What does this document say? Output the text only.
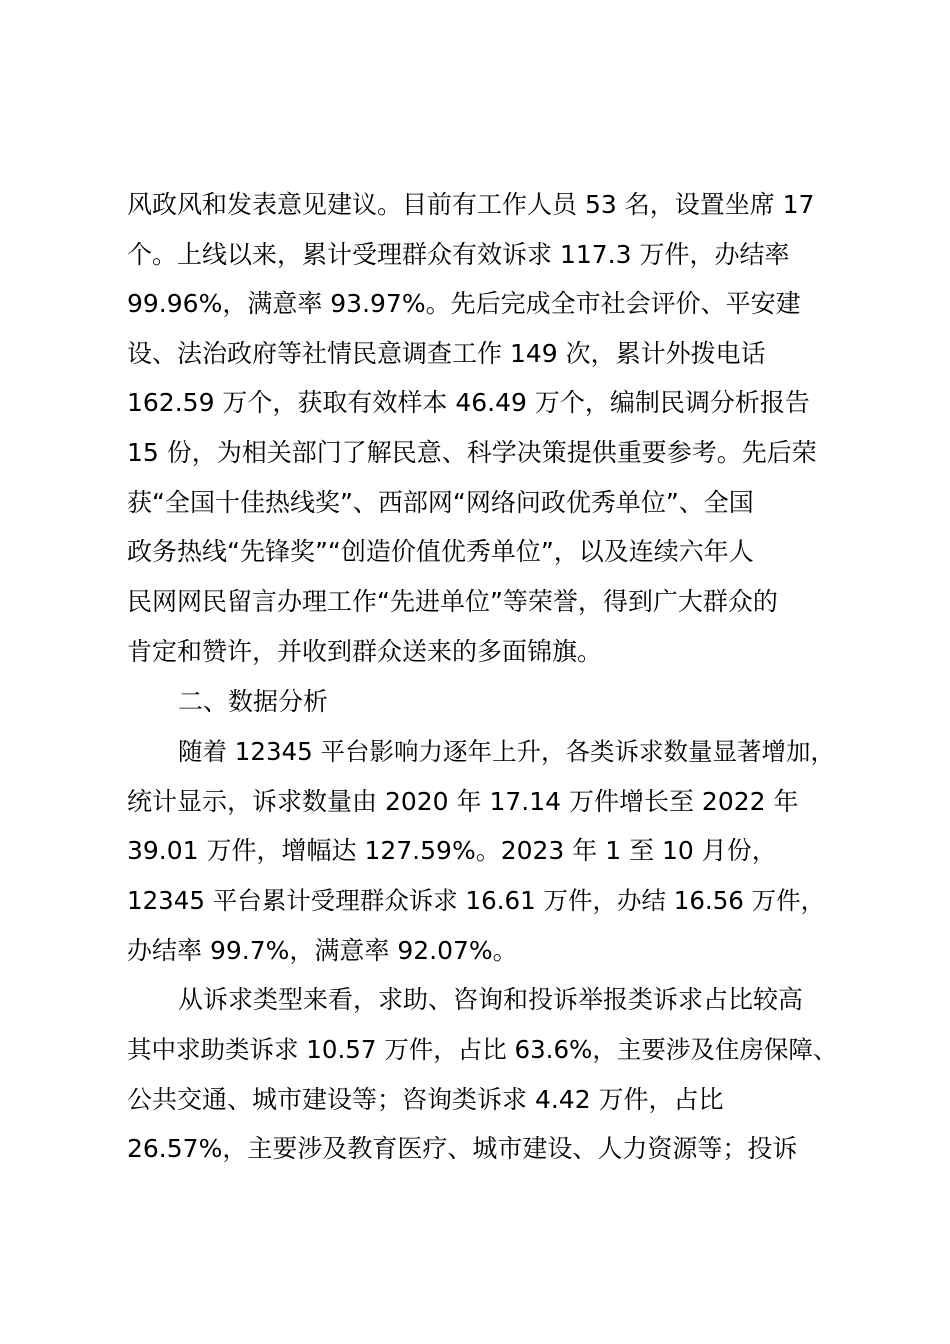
风政风和发表意见建议。目前有工作人员 53 名，设置坐席 17
个。上线以来，累计受理群众有效诉求 117.3 万件，办结率
99.96%，满意率 93.97%。先后完成全市社会评价、平安建
设、法治政府等社情民意调查工作 149 次，累计外拨电话
162.59 万个，获取有效样本 46.49 万个，编制民调分析报告
15 份，为相关部门了解民意、科学决策提供重要参考。先后荣
获“全国十佳热线奖”、西部网“网络问政优秀单位”、全国
政务热线“先锋奖”“创造价值优秀单位”，以及连续六年人
民网网民留言办理工作“先进单位”等荣誉，得到广大群众的
肯定和赞许，并收到群众送来的多面锦旗。
二、数据分析
随着 12345 平台影响力逐年上升，各类诉求数量显著增加，
统计显示，诉求数量由 2020 年 17.14 万件增长至 2022 年
39.01 万件，增幅达 127.59%。2023 年 1 至 10 月份，
12345 平台累计受理群众诉求 16.61 万件，办结 16.56 万件，
办结率 99.7%，满意率 92.07%。
从诉求类型来看，求助、咨询和投诉举报类诉求占比较高
其中求助类诉求 10.57 万件，占比 63.6%，主要涉及住房保障、
公共交通、城市建设等；咨询类诉求 4.42 万件，占比
26.57%，主要涉及教育医疗、城市建设、人力资源等；投诉
